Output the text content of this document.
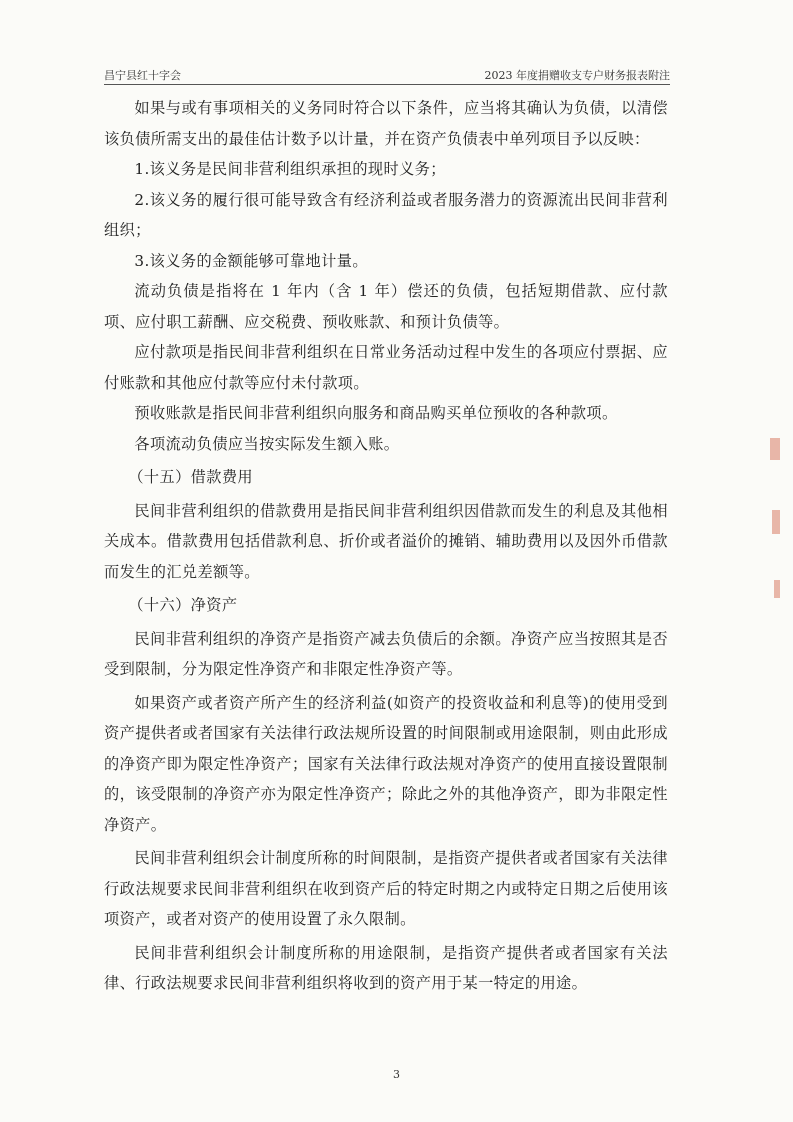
昌宁县红十字会	2023 年度捐赠收支专户财务报表附注

如果与或有事项相关的义务同时符合以下条件，应当将其确认为负债，以清偿该负债所需支出的最佳估计数予以计量，并在资产负债表中单列项目予以反映：

1.该义务是民间非营利组织承担的现时义务；

2.该义务的履行很可能导致含有经济利益或者服务潜力的资源流出民间非营利组织；

3.该义务的金额能够可靠地计量。

流动负债是指将在 1 年内（含 1 年）偿还的负债，包括短期借款、应付款项、应付职工薪酬、应交税费、预收账款、和预计负债等。

应付款项是指民间非营利组织在日常业务活动过程中发生的各项应付票据、应付账款和其他应付款等应付未付款项。

预收账款是指民间非营利组织向服务和商品购买单位预收的各种款项。

各项流动负债应当按实际发生额入账。

（十五）借款费用

民间非营利组织的借款费用是指民间非营利组织因借款而发生的利息及其他相关成本。借款费用包括借款利息、折价或者溢价的摊销、辅助费用以及因外币借款而发生的汇兑差额等。

（十六）净资产

民间非营利组织的净资产是指资产减去负债后的余额。净资产应当按照其是否受到限制，分为限定性净资产和非限定性净资产等。

如果资产或者资产所产生的经济利益(如资产的投资收益和利息等)的使用受到资产提供者或者国家有关法律行政法规所设置的时间限制或用途限制，则由此形成的净资产即为限定性净资产；国家有关法律行政法规对净资产的使用直接设置限制的，该受限制的净资产亦为限定性净资产；除此之外的其他净资产，即为非限定性净资产。

民间非营利组织会计制度所称的时间限制，是指资产提供者或者国家有关法律行政法规要求民间非营利组织在收到资产后的特定时期之内或特定日期之后使用该项资产，或者对资产的使用设置了永久限制。

民间非营利组织会计制度所称的用途限制，是指资产提供者或者国家有关法律、行政法规要求民间非营利组织将收到的资产用于某一特定的用途。

3
